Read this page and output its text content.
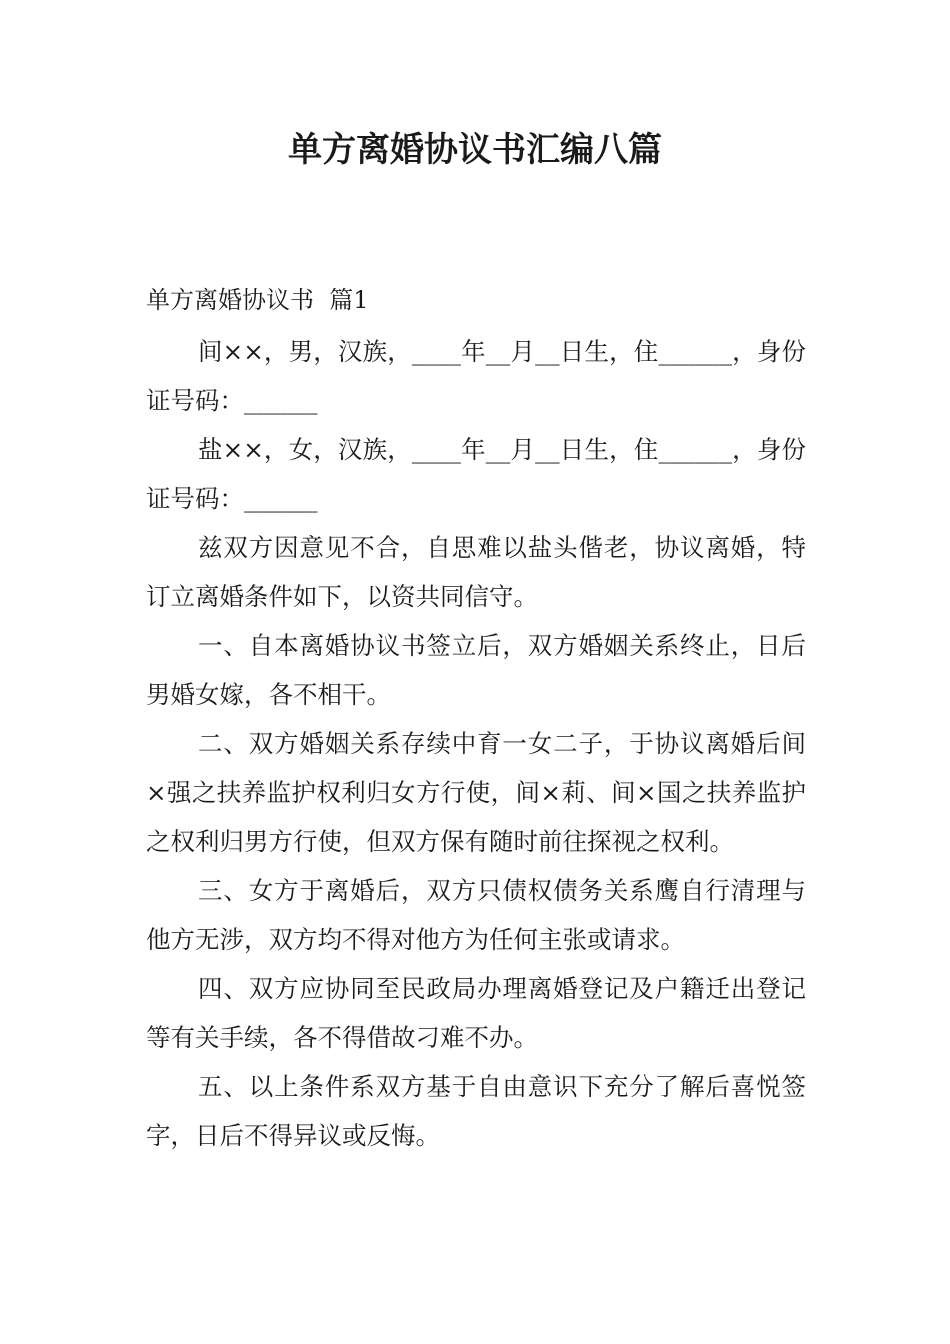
单方离婚协议书汇编八篇
单方离婚协议书  篇1

间××，男，汉族，____年__月__日生，住______，身份证号码：______

盐××，女，汉族，____年__月__日生，住______，身份证号码：______

兹双方因意见不合，自思难以盐头偕老，协议离婚，特订立离婚条件如下，以资共同信守。

一、自本离婚协议书签立后，双方婚姻关系终止，日后男婚女嫁，各不相干。

二、双方婚姻关系存续中育一女二子，于协议离婚后间×强之扶养监护权利归女方行使，间×莉、间×国之扶养监护之权利归男方行使，但双方保有随时前往探视之权利。

三、女方于离婚后，双方只债权债务关系鹰自行清理与他方无涉，双方均不得对他方为任何主张或请求。

四、双方应协同至民政局办理离婚登记及户籍迁出登记等有关手续，各不得借故刁难不办。

五、以上条件系双方基于自由意识下充分了解后喜悦签字，日后不得异议或反悔。
